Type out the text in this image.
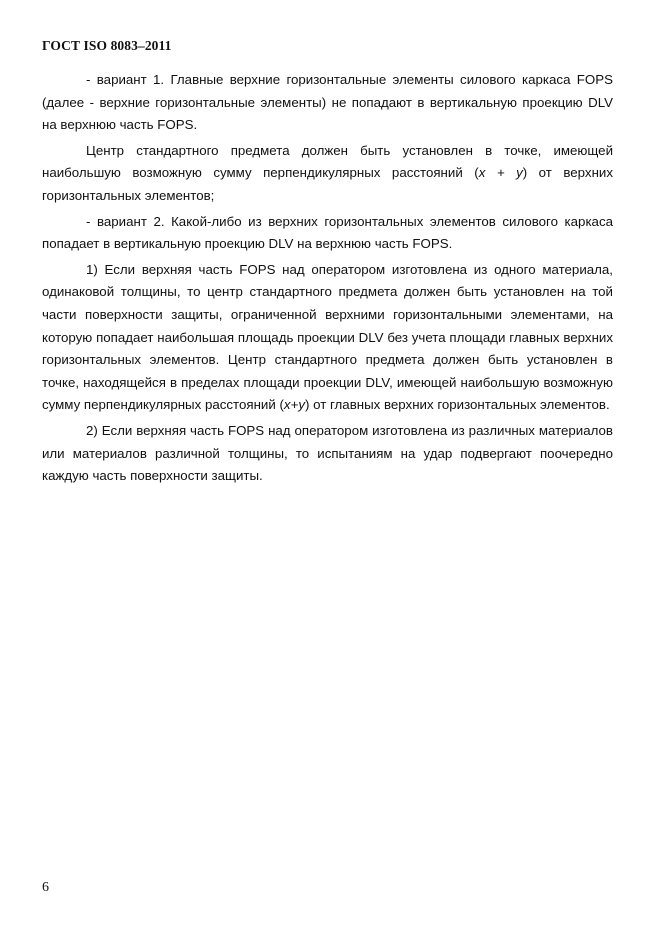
ГОСТ ISO 8083–2011

- вариант 1. Главные верхние горизонтальные элементы силового каркаса FOPS (далее - верхние горизонтальные элементы) не попадают в вертикальную проекцию DLV на верхнюю часть FOPS.

Центр стандартного предмета должен быть установлен в точке, имеющей наибольшую возможную сумму перпендикулярных расстояний (x + y) от верхних горизонтальных элементов;

- вариант 2. Какой-либо из верхних горизонтальных элементов силового каркаса попадает в вертикальную проекцию DLV на верхнюю часть FOPS.

1) Если верхняя часть FOPS над оператором изготовлена из одного материала, одинаковой толщины, то центр стандартного предмета должен быть установлен на той части поверхности защиты, ограниченной верхними горизонтальными элементами, на которую попадает наибольшая площадь проекции DLV без учета площади главных верхних горизонтальных элементов. Центр стандартного предмета должен быть установлен в точке, находящейся в пределах площади проекции DLV, имеющей наибольшую возможную сумму перпендикулярных расстояний (x+y) от главных верхних горизонтальных элементов.

2) Если верхняя часть FOPS над оператором изготовлена из различных материалов или материалов различной толщины, то испытаниям на удар подвергают поочередно каждую часть поверхности защиты.

6
